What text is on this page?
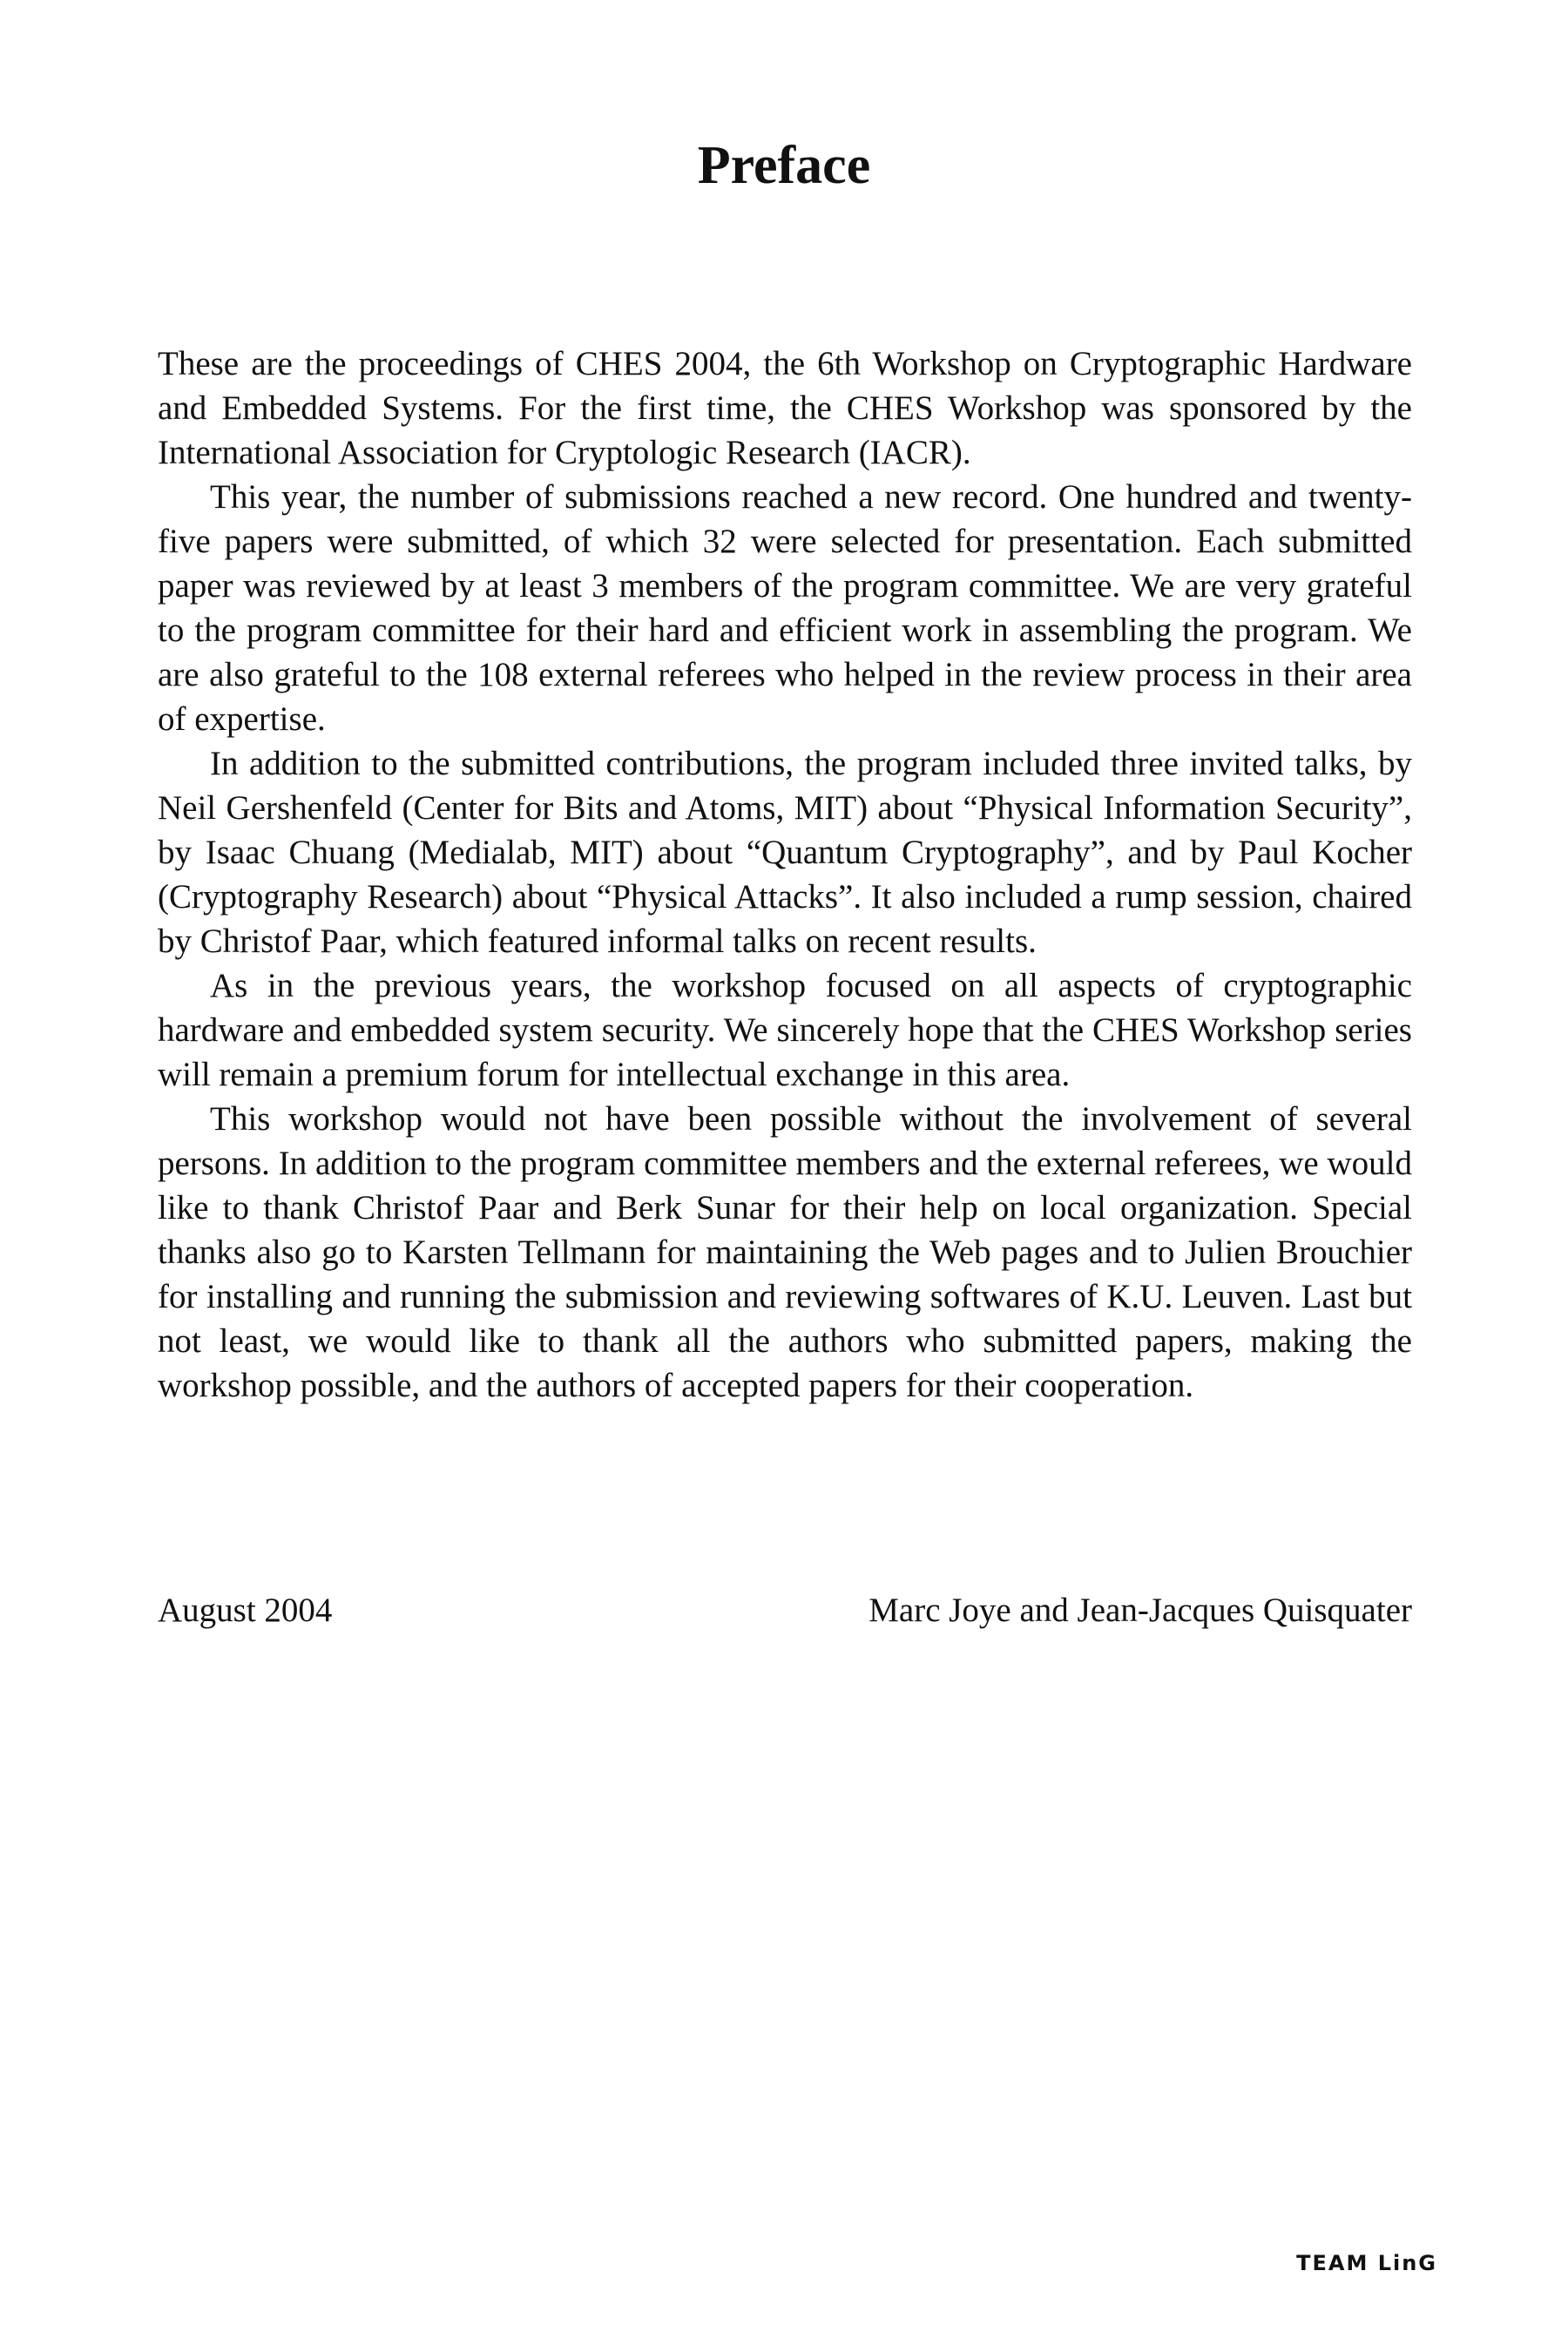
Preface

These are the proceedings of CHES 2004, the 6th Workshop on Cryptographic Hardware and Embedded Systems. For the first time, the CHES Workshop was sponsored by the International Association for Cryptologic Research (IACR).

This year, the number of submissions reached a new record. One hundred and twenty-five papers were submitted, of which 32 were selected for presentation. Each submitted paper was reviewed by at least 3 members of the program committee. We are very grateful to the program committee for their hard and efficient work in assembling the program. We are also grateful to the 108 external referees who helped in the review process in their area of expertise.

In addition to the submitted contributions, the program included three invited talks, by Neil Gershenfeld (Center for Bits and Atoms, MIT) about “Physical Information Security”, by Isaac Chuang (Medialab, MIT) about “Quantum Cryptography”, and by Paul Kocher (Cryptography Research) about “Physical Attacks”. It also included a rump session, chaired by Christof Paar, which featured informal talks on recent results.

As in the previous years, the workshop focused on all aspects of cryptographic hardware and embedded system security. We sincerely hope that the CHES Workshop series will remain a premium forum for intellectual exchange in this area.

This workshop would not have been possible without the involvement of several persons. In addition to the program committee members and the external referees, we would like to thank Christof Paar and Berk Sunar for their help on local organization. Special thanks also go to Karsten Tellmann for maintaining the Web pages and to Julien Brouchier for installing and running the submission and reviewing softwares of K.U. Leuven. Last but not least, we would like to thank all the authors who submitted papers, making the workshop possible, and the authors of accepted papers for their cooperation.

August 2004	Marc Joye and Jean-Jacques Quisquater
TEAM LinG
